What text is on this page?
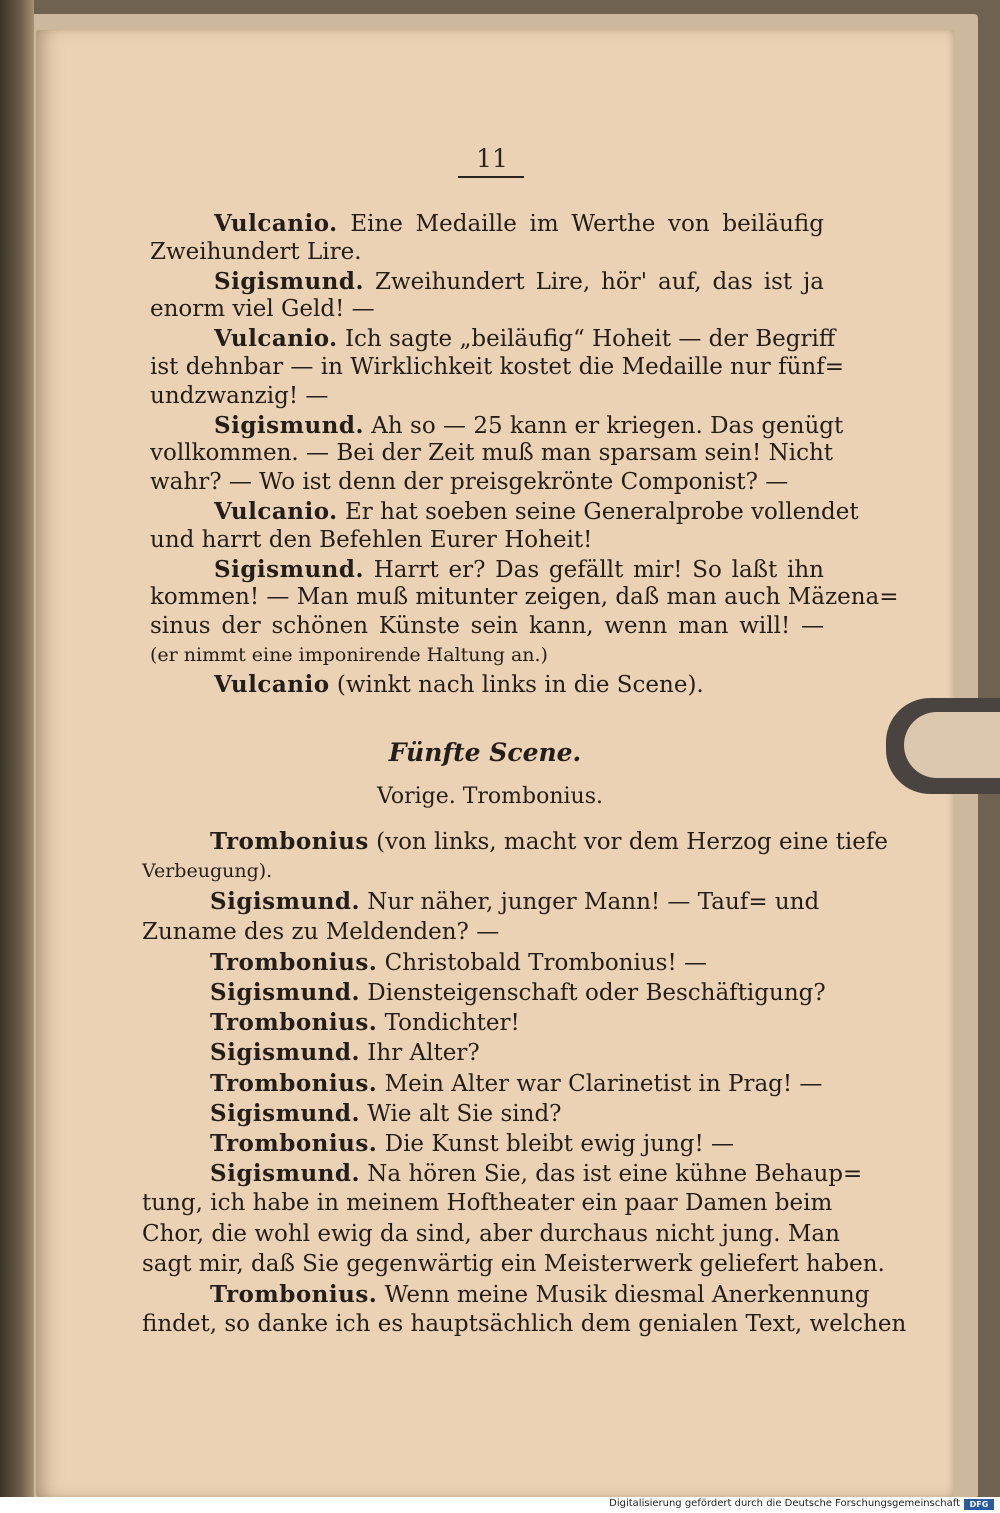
11
Vulcanio. Eine Medaille im Werthe von beiläufig
Zweihundert Lire.
Sigismund. Zweihundert Lire, hör' auf, das ist ja
enorm viel Geld! —
Vulcanio. Ich sagte „beiläufig“ Hoheit — der Begriff
ist dehnbar — in Wirklichkeit kostet die Medaille nur fünf=
undzwanzig! —
Sigismund. Ah so — 25 kann er kriegen. Das genügt
vollkommen. — Bei der Zeit muß man sparsam sein! Nicht
wahr? — Wo ist denn der preisgekrönte Componist? —
Vulcanio. Er hat soeben seine Generalprobe vollendet
und harrt den Befehlen Eurer Hoheit!
Sigismund. Harrt er? Das gefällt mir! So laßt ihn
kommen! — Man muß mitunter zeigen, daß man auch Mäzena=
sinus der schönen Künste sein kann, wenn man will! —
(er nimmt eine imponirende Haltung an.)
Vulcanio (winkt nach links in die Scene).
Fünfte Scene.
Vorige. Trombonius.
Trombonius (von links, macht vor dem Herzog eine tiefe
Verbeugung).
Sigismund. Nur näher, junger Mann! — Tauf= und
Zuname des zu Meldenden? —
Trombonius. Christobald Trombonius! —
Sigismund. Diensteigenschaft oder Beschäftigung?
Trombonius. Tondichter!
Sigismund. Ihr Alter?
Trombonius. Mein Alter war Clarinetist in Prag! —
Sigismund. Wie alt Sie sind?
Trombonius. Die Kunst bleibt ewig jung! —
Sigismund. Na hören Sie, das ist eine kühne Behaup=
tung, ich habe in meinem Hoftheater ein paar Damen beim
Chor, die wohl ewig da sind, aber durchaus nicht jung. Man
sagt mir, daß Sie gegenwärtig ein Meisterwerk geliefert haben.
Trombonius. Wenn meine Musik diesmal Anerkennung
findet, so danke ich es hauptsächlich dem genialen Text, welchen
Digitalisierung gefördert durch die Deutsche Forschungsgemeinschaft	DFG
